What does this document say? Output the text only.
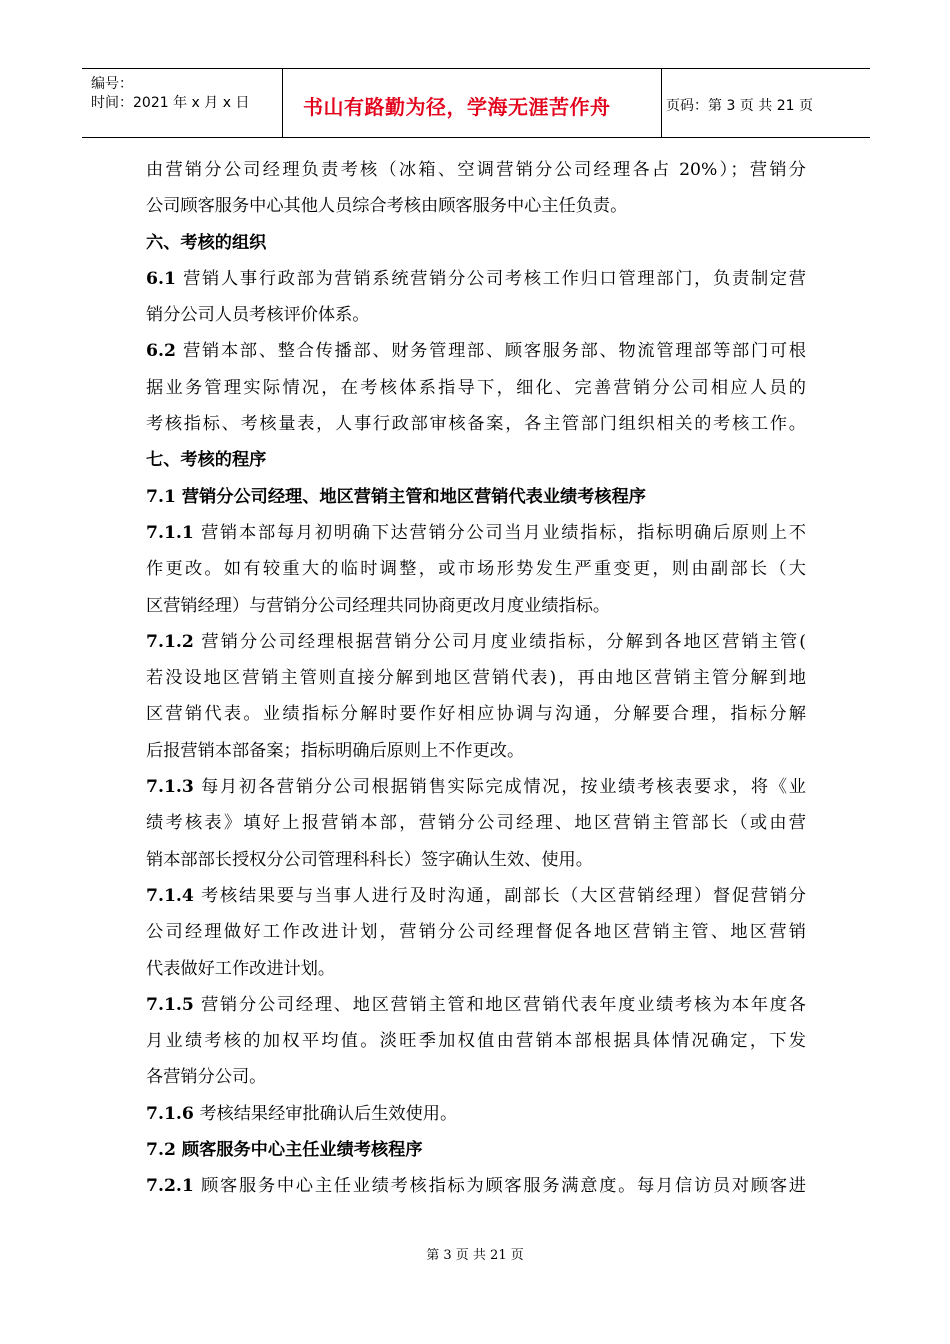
编号：
时间：2021 年 x 月 x 日	书山有路勤为径，学海无涯苦作舟	页码：第 3 页 共 21 页
由营销分公司经理负责考核（冰箱、空调营销分公司经理各占 20%）；营销分
公司顾客服务中心其他人员综合考核由顾客服务中心主任负责。
六、考核的组织
6.1 营销人事行政部为营销系统营销分公司考核工作归口管理部门，负责制定营
销分公司人员考核评价体系。
6.2 营销本部、整合传播部、财务管理部、顾客服务部、物流管理部等部门可根
据业务管理实际情况，在考核体系指导下，细化、完善营销分公司相应人员的
考核指标、考核量表，人事行政部审核备案，各主管部门组织相关的考核工作。
七、考核的程序
7.1 营销分公司经理、地区营销主管和地区营销代表业绩考核程序
7.1.1 营销本部每月初明确下达营销分公司当月业绩指标，指标明确后原则上不
作更改。如有较重大的临时调整，或市场形势发生严重变更，则由副部长（大
区营销经理）与营销分公司经理共同协商更改月度业绩指标。
7.1.2 营销分公司经理根据营销分公司月度业绩指标，分解到各地区营销主管(
若没设地区营销主管则直接分解到地区营销代表)，再由地区营销主管分解到地
区营销代表。业绩指标分解时要作好相应协调与沟通，分解要合理，指标分解
后报营销本部备案；指标明确后原则上不作更改。
7.1.3 每月初各营销分公司根据销售实际完成情况，按业绩考核表要求，将《业
绩考核表》填好上报营销本部，营销分公司经理、地区营销主管部长（或由营
销本部部长授权分公司管理科科长）签字确认生效、使用。
7.1.4 考核结果要与当事人进行及时沟通，副部长（大区营销经理）督促营销分
公司经理做好工作改进计划，营销分公司经理督促各地区营销主管、地区营销
代表做好工作改进计划。
7.1.5 营销分公司经理、地区营销主管和地区营销代表年度业绩考核为本年度各
月业绩考核的加权平均值。淡旺季加权值由营销本部根据具体情况确定，下发
各营销分公司。
7.1.6 考核结果经审批确认后生效使用。
7.2 顾客服务中心主任业绩考核程序
7.2.1 顾客服务中心主任业绩考核指标为顾客服务满意度。每月信访员对顾客进
第 3 页 共 21 页
